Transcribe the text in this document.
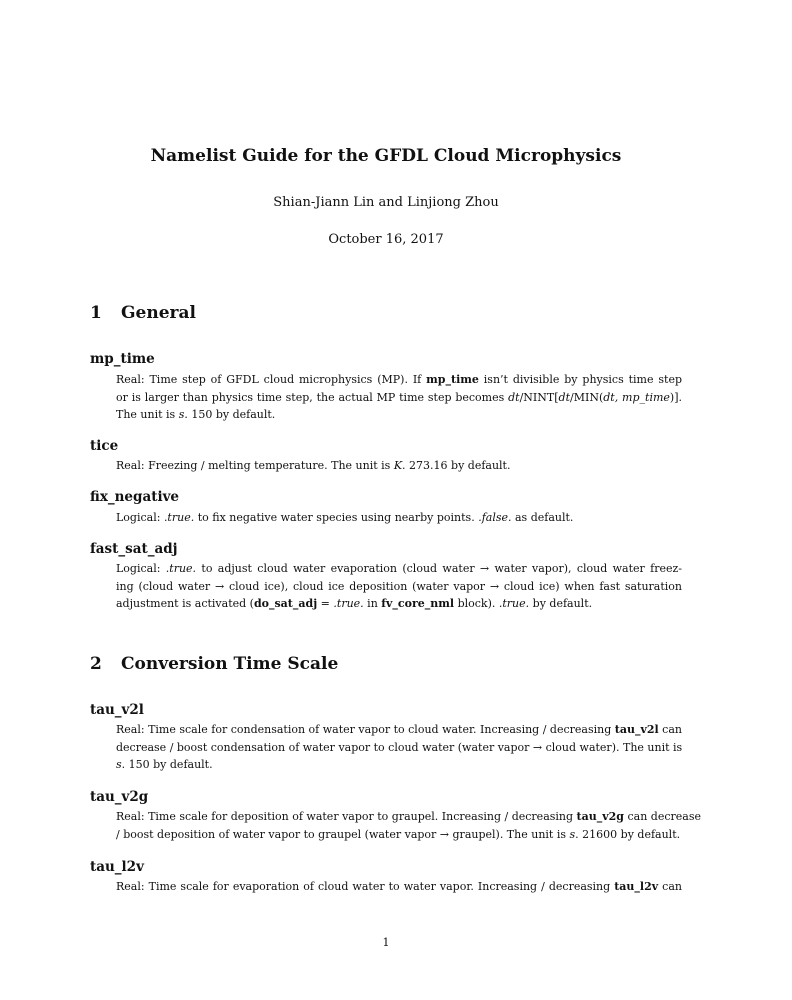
Namelist Guide for the GFDL Cloud Microphysics
Shian-Jiann Lin and Linjiong Zhou
October 16, 2017
1 General
mp_time
Real: Time step of GFDL cloud microphysics (MP). If mp_time isn’t divisible by physics time step
or is larger than physics time step, the actual MP time step becomes dt/NINT[dt/MIN(dt, mp_time)].
The unit is s. 150 by default.
tice
Real: Freezing / melting temperature. The unit is K. 273.16 by default.
fix_negative
Logical: .true. to fix negative water species using nearby points. .false. as default.
fast_sat_adj
Logical: .true. to adjust cloud water evaporation (cloud water → water vapor), cloud water freez-
ing (cloud water → cloud ice), cloud ice deposition (water vapor → cloud ice) when fast saturation
adjustment is activated (do_sat_adj = .true. in fv_core_nml block). .true. by default.
2 Conversion Time Scale
tau_v2l
Real: Time scale for condensation of water vapor to cloud water. Increasing / decreasing tau_v2l can
decrease / boost condensation of water vapor to cloud water (water vapor → cloud water). The unit is
s. 150 by default.
tau_v2g
Real: Time scale for deposition of water vapor to graupel. Increasing / decreasing tau_v2g can decrease
/ boost deposition of water vapor to graupel (water vapor → graupel). The unit is s. 21600 by default.
tau_l2v
Real: Time scale for evaporation of cloud water to water vapor. Increasing / decreasing tau_l2v can
1
